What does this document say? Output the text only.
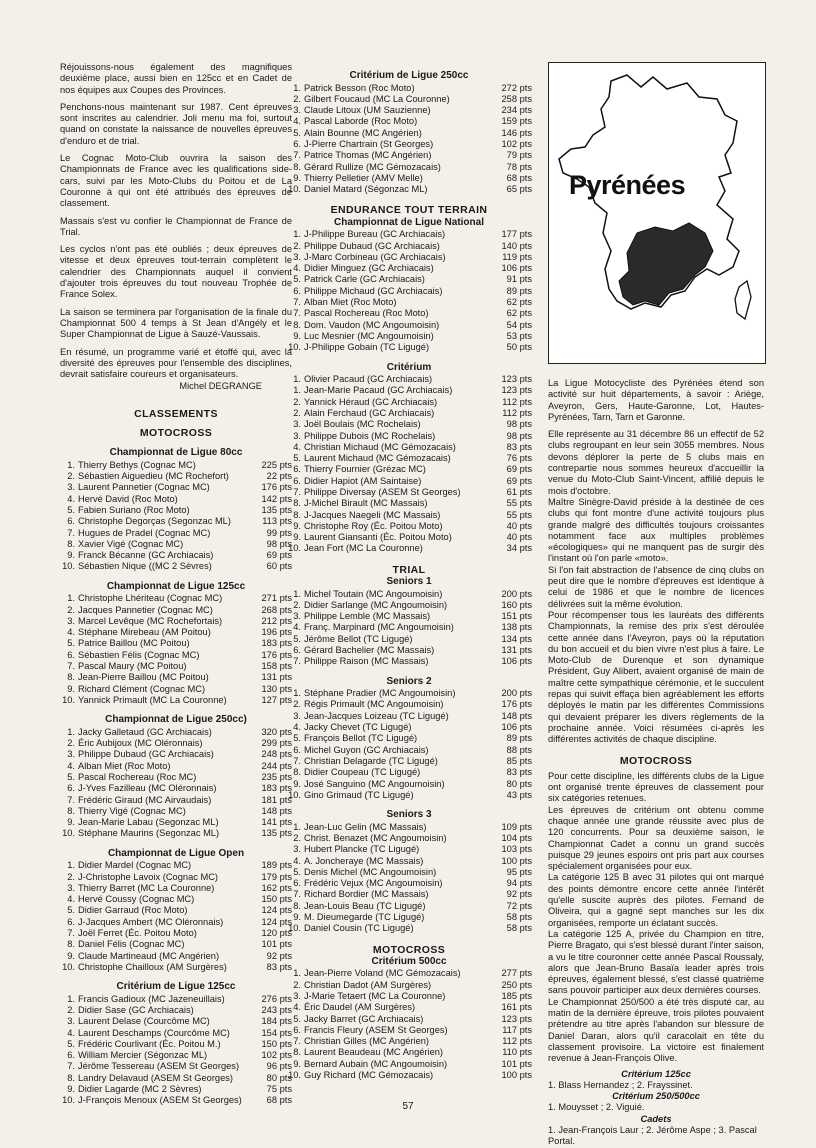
Réjouissons-nous également des magnifiques deuxième place, aussi bien en 125cc et en Cadet de nos équipes aux Coupes des Provinces.

Penchons-nous maintenant sur 1987. Cent épreuves sont inscrites au calendrier. Joli menu ma foi, surtout quand on constate la naissance de nouvelles épreuves d'enduro et de trial.

Le Cognac Moto-Club ouvrira la saison des Championnats de France avec les qualifications side-cars, suivi par les Moto-Clubs du Poitou et de La Couronne à qui ont été attribués des épreuves de classement.

Massais s'est vu confier le Championnat de France de Trial.

Les cyclos n'ont pas été oubliés ; deux épreuves de vitesse et deux épreuves tout-terrain complètent le calendrier des Championnats auquel il convient d'ajouter trois épreuves du tout nouveau Trophée de France Solex.

La saison se terminera par l'organisation de la finale du Championnat 500 4 temps à St Jean d'Angély et le Super Championnat de Ligue à Sauzé-Vaussais.

En résumé, un programme varié et étoffé qui, avec la diversité des épreuves pour l'ensemble des disciplines, devrait satisfaire coureurs et organisateurs.

Michel DEGRANGE
CLASSEMENTS
MOTOCROSS
Championnat de Ligue 80cc
1. Thierry Bethys (Cognac MC)	225 pts
2. Sébastien Aiguedieu (MC Rochefort)	22 pts
3. Laurent Pannetier (Cognac MC)	176 pts
4. Hervé David (Roc Moto)	142 pts
5. Fabien Suriano (Roc Moto)	135 pts
6. Christophe Degorças (Segonzac ML)	113 pts
7. Hugues de Pradel (Cognac MC)	99 pts
8. Xavier Vigé (Cognac MC)	98 pts
9. Franck Bécanne (GC Archiacais)	69 pts
10. Sébastien Nique ((MC 2 Sèvres)	60 pts
Championnat de Ligue 125cc
1. Christophe Lhériteau (Cognac MC)	271 pts
2. Jacques Pannetier (Cognac MC)	268 pts
3. Marcel Levêque (MC Rochefortais)	212 pts
4. Stéphane Mirebeau (AM Poitou)	196 pts
5. Patrice Baillou (MC Poitou)	183 pts
6. Sébastien Félis (Cognac MC)	176 pts
7. Pascal Maury (MC Poitou)	158 pts
8. Jean-Pierre Baillou (MC Poitou)	131 pts
9. Richard Clément (Cognac MC)	130 pts
10. Yannick Primault (MC La Couronne)	127 pts
Championnat de Ligue 250cc)
1. Jacky Galletaud (GC Archiacais)	320 pts
2. Éric Aubijoux (MC Oléronnais)	299 pts
3. Philippe Dubaud (GC Archiacais)	248 pts
4. Alban Miet (Roc Moto)	244 pts
5. Pascal Rochereau (Roc MC)	235 pts
6. J-Yves Fazilleau (MC Oléronnais)	183 pts
7. Frédéric Giraud (MC Airvaudais)	181 pts
8. Thierry Vigé (Cognac MC)	148 pts
9. Jean-Marie Labau (Segonzac ML)	141 pts
10. Stéphane Maurins (Segonzac ML)	135 pts
Championnat de Ligue Open
1. Didier Mardel (Cognac MC)	189 pts
2. J-Christophe Lavoix (Cognac MC)	179 pts
3. Thierry Barret (MC La Couronne)	162 pts
4. Hervé Coussy (Cognac MC)	150 pts
5. Didier Garraud (Roc Moto)	124 pts
6. J-Jacques Ambert (MC Oléronnais)	124 pts
7. Joël Ferret (Éc. Poitou Moto)	120 pts
8. Daniel Félis (Cognac MC)	101 pts
9. Claude Martineaud (MC Angérien)	92 pts
10. Christophe Chailloux (AM Surgères)	83 pts
Critérium de Ligue 125cc
1. Francis Gadioux (MC Jazeneuillais)	276 pts
2. Didier Sase (GC Archiacais)	243 pts
3. Laurent Delase (Courcôme MC)	184 pts
4. Laurent Deschamps (Courcôme MC)	154 pts
5. Frédéric Courlivant (Éc. Poitou M.)	150 pts
6. William Mercier (Ségonzac ML)	102 pts
7. Jérôme Tessereau (ASEM St Georges)	96 pts
8. Landry Delavaud (ASEM St Georges)	80 pts
9. Didier Lagarde (MC 2 Sèvres)	75 pts
10. J-François Menoux (ASEM St Georges)	68 pts
Critérium de Ligue 250cc
1. Patrick Besson (Roc Moto)	272 pts
2. Gilbert Foucaud (MC La Couronne)	258 pts
3. Claude Litoux (UM Sauzienne)	234 pts
4. Pascal Laborde (Roc Moto)	159 pts
5. Alain Bounne (MC Angérien)	146 pts
6. J-Pierre Chartrain (St Georges)	102 pts
7. Patrice Thomas (MC Angérien)	79 pts
8. Gérard Rullize (MC Gémozacais)	78 pts
9. Thierry Pelletier (AMV Melle)	68 pts
10. Daniel Matard (Ségonzac ML)	65 pts
ENDURANCE TOUT TERRAIN
Championnat de Ligue National
1. J-Philippe Bureau (GC Archiacais)	177 pts
2. Philippe Dubaud (GC Archiacais)	140 pts
3. J-Marc Corbineau (GC Archiacais)	119 pts
4. Didier Minguez (GC Archiacais)	106 pts
5. Patrick Carle (GC Archiacais)	91 pts
6. Philippe Michaud (GC Archiacais)	89 pts
7. Alban Miet (Roc Moto)	62 pts
7. Pascal Rochereau (Roc Moto)	62 pts
8. Dom. Vaudon (MC Angoumoisin)	54 pts
9. Luc Mesnier (MC Angoumoisin)	53 pts
10. J-Philippe Gobain (TC Ligugé)	50 pts
Critérium
1. Olivier Pacaud (GC Archiacais)	123 pts
1. Jean-Marie Pacaud (GC Archiacais)	123 pts
2. Yannick Héraud (GC Archiacais)	112 pts
2. Alain Ferchaud (GC Archiacais)	112 pts
3. Joël Boulais (MC Rochelais)	98 pts
3. Philippe Dubois (MC Rochelais)	98 pts
4. Christian Michaud (MC Gémozacais)	83 pts
5. Laurent Michaud (MC Gémozacais)	76 pts
6. Thierry Fournier (Grézac MC)	69 pts
6. Didier Hapiot (AM Saintaise)	69 pts
7. Philippe Diversay (ASEM St Georges)	61 pts
8. J-Michel Birault (MC Massais)	55 pts
8. J-Jacques Naegeli (MC Massais)	55 pts
9. Christophe Roy (Éc. Poitou Moto)	40 pts
9. Laurent Giansanti (Éc. Poitou Moto)	40 pts
10. Jean Fort (MC La Couronne)	34 pts
TRIAL
Seniors 1
1. Michel Toutain (MC Angoumoisin)	200 pts
2. Didier Sarlange (MC Angoumoisin)	160 pts
3. Philippe Lemble (MC Massais)	151 pts
4. Franç. Marpinard (MC Angoumoisin)	138 pts
5. Jérôme Bellot (TC Ligugé)	134 pts
6. Gérard Bachelier (MC Massais)	131 pts
7. Philippe Raison (MC Massais)	106 pts
Seniors 2
1. Stéphane Pradier (MC Angoumoisin)	200 pts
2. Régis Primault (MC Angoumoisin)	176 pts
3. Jean-Jacques Loizeau (TC Ligugé)	148 pts
4. Jacky Chevet (TC Ligugé)	106 pts
5. François Bellot (TC Ligugé)	89 pts
6. Michel Guyon (GC Archiacais)	88 pts
7. Christian Delagarde (TC Ligugé)	85 pts
8. Didier Coupeau (TC Ligugé)	83 pts
9. José Sanguino (MC Angoumoisin)	80 pts
10. Gino Grimaud (TC Ligugé)	43 pts
Seniors 3
1. Jean-Luc Gelin (MC Massais)	109 pts
2. Christ. Benazet (MC Angoumoisin)	104 pts
3. Hubert Plancke (TC Ligugé)	103 pts
4. A. Joncheraye (MC Massais)	100 pts
5. Denis Michel (MC Angoumoisin)	95 pts
6. Frédéric Vejux (MC Angoumoisin)	94 pts
7. Richard Bordier (MC Massais)	92 pts
8. Jean-Louis Beau (TC Ligugé)	72 pts
9. M. Dieumegarde (TC Ligugé)	58 pts
10. Daniel Cousin (TC Ligugé)	58 pts
MOTOCROSS
Critérium 500cc
1. Jean-Pierre Voland (MC Gémozacais)	277 pts
2. Christian Dadot (AM Surgères)	250 pts
3. J-Marie Tetaert (MC La Couronne)	185 pts
4. Éric Daudel (AM Surgères)	161 pts
5. Jacky Barret (GC Archiacais)	123 pts
6. Francis Fleury (ASEM St Georges)	117 pts
7. Christian Gilles (MC Angérien)	112 pts
8. Laurent Beaudeau (MC Angérien)	110 pts
9. Bernard Aubain (MC Angoumoisin)	101 pts
10. Guy Richard (MC Gémozacais)	100 pts
Pyrénées

La Ligue Motocycliste des Pyrénées étend son activité sur huit départements, à savoir : Ariège, Aveyron, Gers, Haute-Garonne, Lot, Hautes-Pyrénées, Tarn, Tarn et Garonne.

Elle représente au 31 décembre 86 un effectif de 52 clubs regroupant en leur sein 3055 membres. Nous devons déplorer la perte de 5 clubs mais en contrepartie nous sommes heureux d'accueillir la venue du Moto-Club Saint-Vincent, affilié depuis le mois d'octobre.

Maître Sinègre-David préside à la destinée de ces clubs qui font montre d'une activité toujours plus grande malgré des difficultés toujours croissantes notamment face aux multiples problèmes «écologiques» qui ne manquent pas de surgir dès l'instant où l'on parle «moto».

Si l'on fait abstraction de l'absence de cinq clubs on peut dire que le nombre d'épreuves est identique à celui de 1986 et que le nombre de licences délivrées suit la même évolution.

Pour récompenser tous les lauréats des différents Championnats, la remise des prix s'est déroulée cette année dans l'Aveyron, pays où la réputation du bon accueil et du bien vivre n'est plus à faire. Le Moto-Club de Durenque et son dynamique Président, Guy Alibert, avaient organisé de main de maître cette sympathique cérémonie, et le succulent repas qui suivit effaça bien agréablement les efforts déployés le matin par les différentes Commissions qui devaient préparer les divers règlements de la prochaine année. Voici résumées ci-après les différentes activités de chaque discipline.

MOTOCROSS

Pour cette discipline, les différents clubs de la Ligue ont organisé trente épreuves de classement pour six catégories retenues.

Les épreuves de critérium ont obtenu comme chaque année une grande réussite avec plus de 120 concurrents. Pour sa deuxième saison, le Championnat Cadet a connu un grand succès puisque 29 jeunes espoirs ont pris part aux courses spécialement organisées pour eux.

La catégorie 125 B avec 31 pilotes qui ont marqué des points démontre encore cette année l'intérêt qu'elle suscite auprès des pilotes. Fernand de Oliveira, qui a gagné sept manches sur les dix organisées, remporte un éclatant succès.

La catégorie 125 A, privée du Champion en titre, Pierre Bragato, qui s'est blessé durant l'inter saison, a vu le titre couronner cette année Pascal Roussaly, alors que Jean-Bruno Basaïa leader après trois épreuves, également blessé, s'est classé quatrième sans pouvoir participer aux deux dernières courses.

Le Championnat 250/500 a été très disputé car, au matin de la dernière épreuve, trois pilotes pouvaient prétendre au titre après l'abandon sur blessure de Daniel Daran, alors qu'il caracolait en tête du classement provisoire. La victoire est finalement revenue à Jean-François Olive.

Critérium 125cc
1. Blass Hernandez ; 2. Frayssinet.
Critérium 250/500cc
1. Mouysset ; 2. Viguié.
Cadets
1. Jean-François Laur ; 2. Jérôme Aspe ; 3. Pascal Portal.
57
